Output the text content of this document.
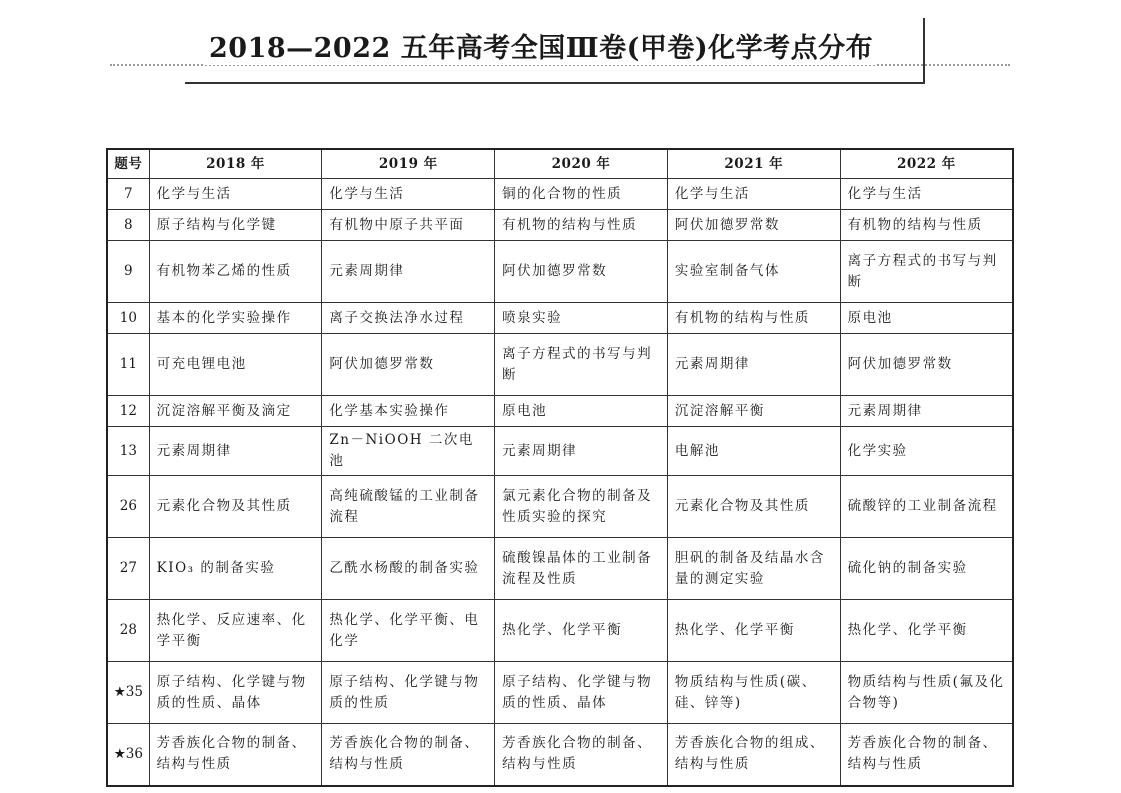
2018—2022 五年高考全国Ⅲ卷(甲卷)化学考点分布
题号	2018 年	2019 年	2020 年	2021 年	2022 年
7	化学与生活	化学与生活	铜的化合物的性质	化学与生活	化学与生活
8	原子结构与化学键	有机物中原子共平面	有机物的结构与性质	阿伏加德罗常数	有机物的结构与性质
9	有机物苯乙烯的性质	元素周期律	阿伏加德罗常数	实验室制备气体	离子方程式的书写与判断
10	基本的化学实验操作	离子交换法净水过程	喷泉实验	有机物的结构与性质	原电池
11	可充电锂电池	阿伏加德罗常数	离子方程式的书写与判断	元素周期律	阿伏加德罗常数
12	沉淀溶解平衡及滴定	化学基本实验操作	原电池	沉淀溶解平衡	元素周期律
13	元素周期律	Zn－NiOOH 二次电池	元素周期律	电解池	化学实验
26	元素化合物及其性质	高纯硫酸锰的工业制备流程	氯元素化合物的制备及性质实验的探究	元素化合物及其性质	硫酸锌的工业制备流程
27	KIO₃ 的制备实验	乙酰水杨酸的制备实验	硫酸镍晶体的工业制备流程及性质	胆矾的制备及结晶水含量的测定实验	硫化钠的制备实验
28	热化学、反应速率、化学平衡	热化学、化学平衡、电化学	热化学、化学平衡	热化学、化学平衡	热化学、化学平衡
★35	原子结构、化学键与物质的性质、晶体	原子结构、化学键与物质的性质	原子结构、化学键与物质的性质、晶体	物质结构与性质(碳、硅、锌等)	物质结构与性质(氟及化合物等)
★36	芳香族化合物的制备、结构与性质	芳香族化合物的制备、结构与性质	芳香族化合物的制备、结构与性质	芳香族化合物的组成、结构与性质	芳香族化合物的制备、结构与性质
